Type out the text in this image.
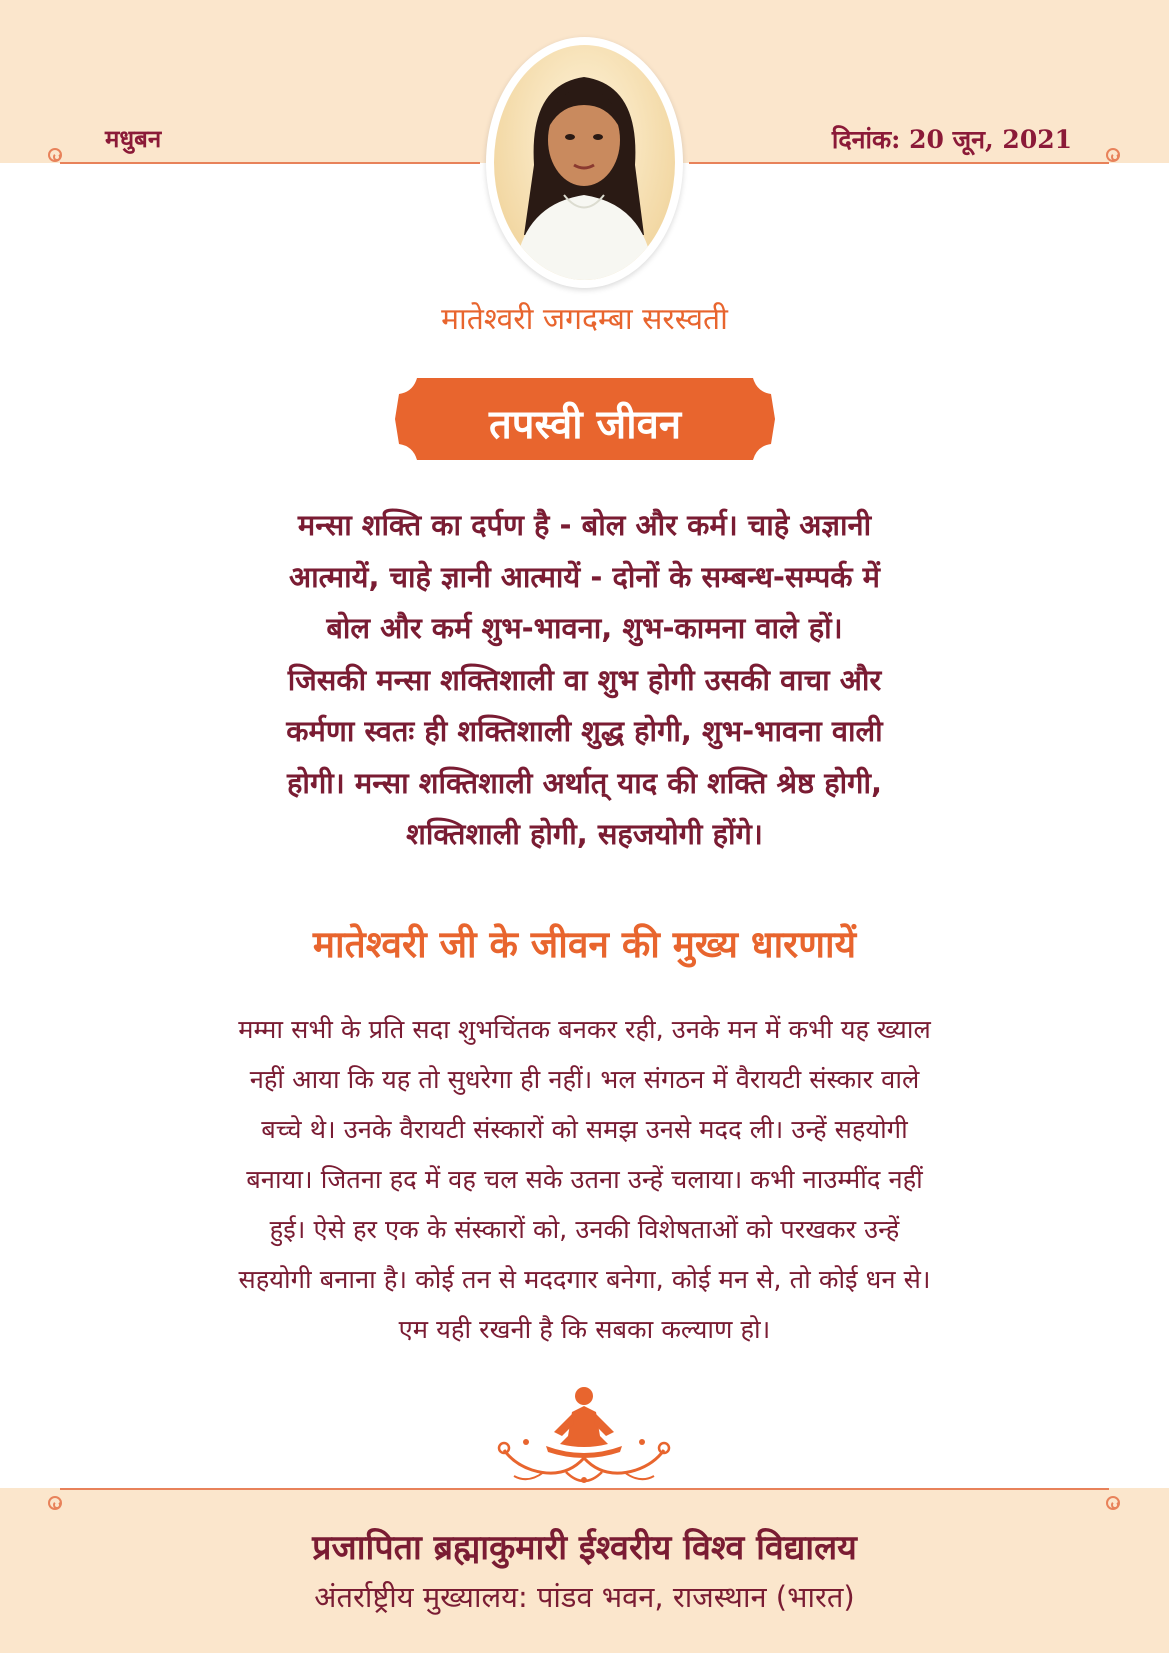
मधुबन	दिनांक: 20 जून, 2021
मातेश्वरी जगदम्बा सरस्वती
तपस्वी जीवन
मन्सा शक्ति का दर्पण है - बोल और कर्म। चाहे अज्ञानी
आत्मायें, चाहे ज्ञानी आत्मायें - दोनों के सम्बन्ध-सम्पर्क में
बोल और कर्म शुभ-भावना, शुभ-कामना वाले हों।
जिसकी मन्सा शक्तिशाली वा शुभ होगी उसकी वाचा और
कर्मणा स्वतः ही शक्तिशाली शुद्ध होगी, शुभ-भावना वाली
होगी। मन्सा शक्तिशाली अर्थात् याद की शक्ति श्रेष्ठ होगी,
शक्तिशाली होगी, सहजयोगी होंगे।
मातेश्वरी जी के जीवन की मुख्य धारणायें
मम्मा सभी के प्रति सदा शुभचिंतक बनकर रही, उनके मन में कभी यह ख्याल
नहीं आया कि यह तो सुधरेगा ही नहीं। भल संगठन में वैरायटी संस्कार वाले
बच्चे थे। उनके वैरायटी संस्कारों को समझ उनसे मदद ली। उन्हें सहयोगी
बनाया। जितना हद में वह चल सके उतना उन्हें चलाया। कभी नाउम्मींद नहीं
हुई। ऐसे हर एक के संस्कारों को, उनकी विशेषताओं को परखकर उन्हें
सहयोगी बनाना है। कोई तन से मददगार बनेगा, कोई मन से, तो कोई धन से।
एम यही रखनी है कि सबका कल्याण हो।
प्रजापिता ब्रह्माकुमारी ईश्वरीय विश्व विद्यालय
अंतर्राष्ट्रीय मुख्यालय: पांडव भवन, राजस्थान (भारत)
